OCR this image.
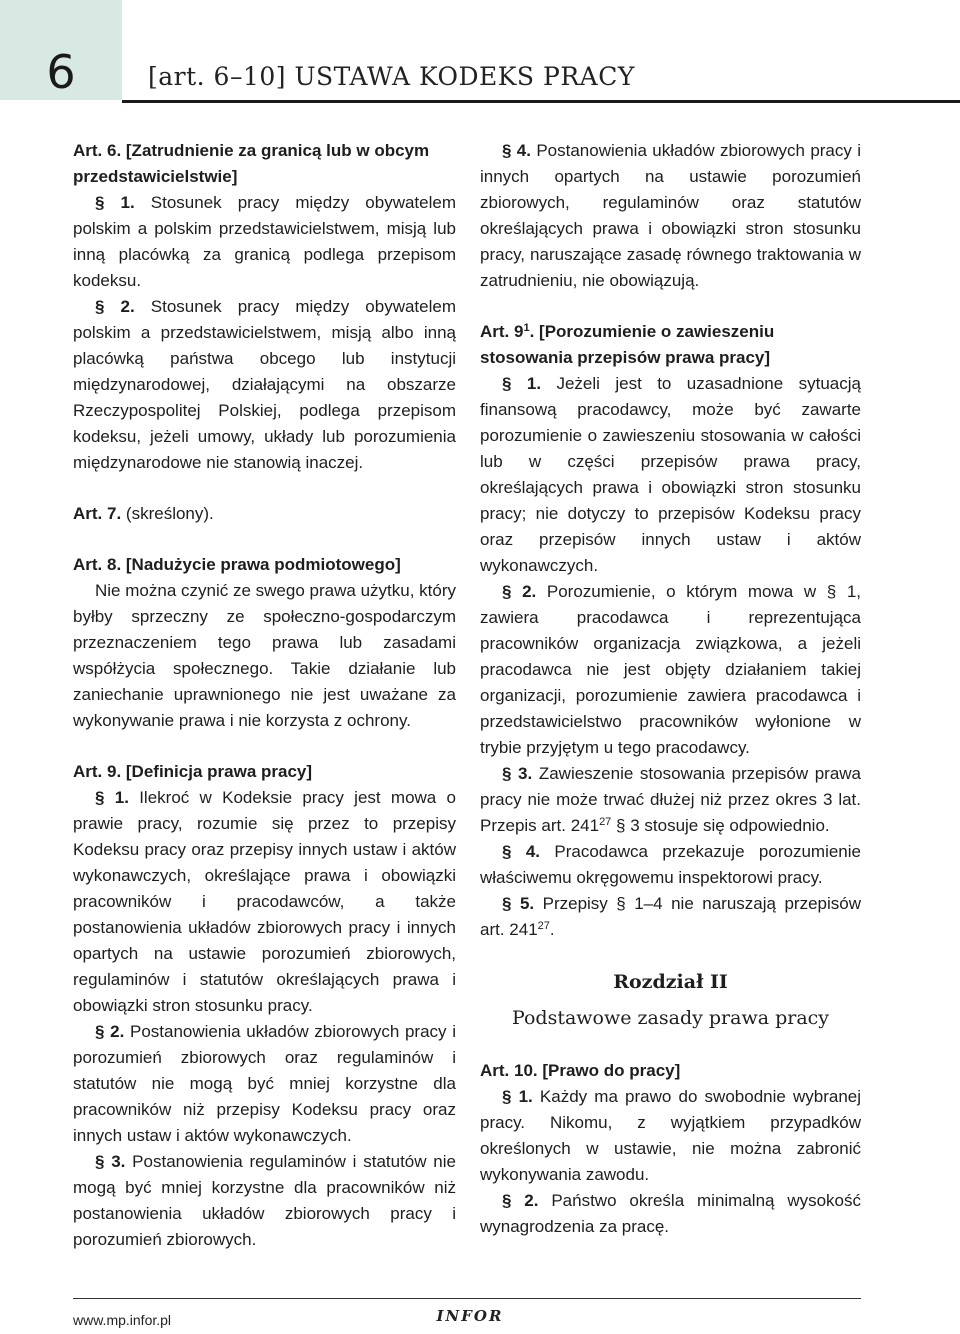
6	[art. 6–10] USTAWA KODEKS PRACY
Art. 6. [Zatrudnienie za granicą lub w obcym przedstawicielstwie]

§ 1. Stosunek pracy między obywatelem polskim a polskim przedstawicielstwem, misją lub inną placówką za granicą podlega przepisom kodeksu.

§ 2. Stosunek pracy między obywatelem polskim a przedstawicielstwem, misją albo inną placówką państwa obcego lub instytucji międzynarodowej, działającymi na obszarze Rzeczypospolitej Polskiej, podlega przepisom kodeksu, jeżeli umowy, układy lub porozumienia międzynarodowe nie stanowią inaczej.

Art. 7. (skreślony).

Art. 8. [Nadużycie prawa podmiotowego]

Nie można czynić ze swego prawa użytku, który byłby sprzeczny ze społeczno-gospodarczym przeznaczeniem tego prawa lub zasadami współżycia społecznego. Takie działanie lub zaniechanie uprawnionego nie jest uważane za wykonywanie prawa i nie korzysta z ochrony.

Art. 9. [Definicja prawa pracy]

§ 1. Ilekroć w Kodeksie pracy jest mowa o prawie pracy, rozumie się przez to przepisy Kodeksu pracy oraz przepisy innych ustaw i aktów wykonawczych, określające prawa i obowiązki pracowników i pracodawców, a także postanowienia układów zbiorowych pracy i innych opartych na ustawie porozumień zbiorowych, regulaminów i statutów określających prawa i obowiązki stron stosunku pracy.

§ 2. Postanowienia układów zbiorowych pracy i porozumień zbiorowych oraz regulaminów i statutów nie mogą być mniej korzystne dla pracowników niż przepisy Kodeksu pracy oraz innych ustaw i aktów wykonawczych.

§ 3. Postanowienia regulaminów i statutów nie mogą być mniej korzystne dla pracowników niż postanowienia układów zbiorowych pracy i porozumień zbiorowych.

§ 4. Postanowienia układów zbiorowych pracy i innych opartych na ustawie porozumień zbiorowych, regulaminów oraz statutów określających prawa i obowiązki stron stosunku pracy, naruszające zasadę równego traktowania w zatrudnieniu, nie obowiązują.

Art. $9^1$. [Porozumienie o zawieszeniu stosowania przepisów prawa pracy]

§ 1. Jeżeli jest to uzasadnione sytuacją finansową pracodawcy, może być zawarte porozumienie o zawieszeniu stosowania w całości lub w części przepisów prawa pracy, określających prawa i obowiązki stron stosunku pracy; nie dotyczy to przepisów Kodeksu pracy oraz przepisów innych ustaw i aktów wykonawczych.

§ 2. Porozumienie, o którym mowa w § 1, zawiera pracodawca i reprezentująca pracowników organizacja związkowa, a jeżeli pracodawca nie jest objęty działaniem takiej organizacji, porozumienie zawiera pracodawca i przedstawicielstwo pracowników wyłonione w trybie przyjętym u tego pracodawcy.

§ 3. Zawieszenie stosowania przepisów prawa pracy nie może trwać dłużej niż przez okres 3 lat. Przepis art. $241^{27}$ § 3 stosuje się odpowiednio.

§ 4. Pracodawca przekazuje porozumienie właściwemu okręgowemu inspektorowi pracy.

§ 5. Przepisy § 1–4 nie naruszają przepisów art. $241^{27}$.

Rozdział II
Podstawowe zasady prawa pracy
Art. 10. [Prawo do pracy]

§ 1. Każdy ma prawo do swobodnie wybranej pracy. Nikomu, z wyjątkiem przypadków określonych w ustawie, nie można zabronić wykonywania zawodu.

§ 2. Państwo określa minimalną wysokość wynagrodzenia za pracę.

www.mp.infor.pl	INFOR
